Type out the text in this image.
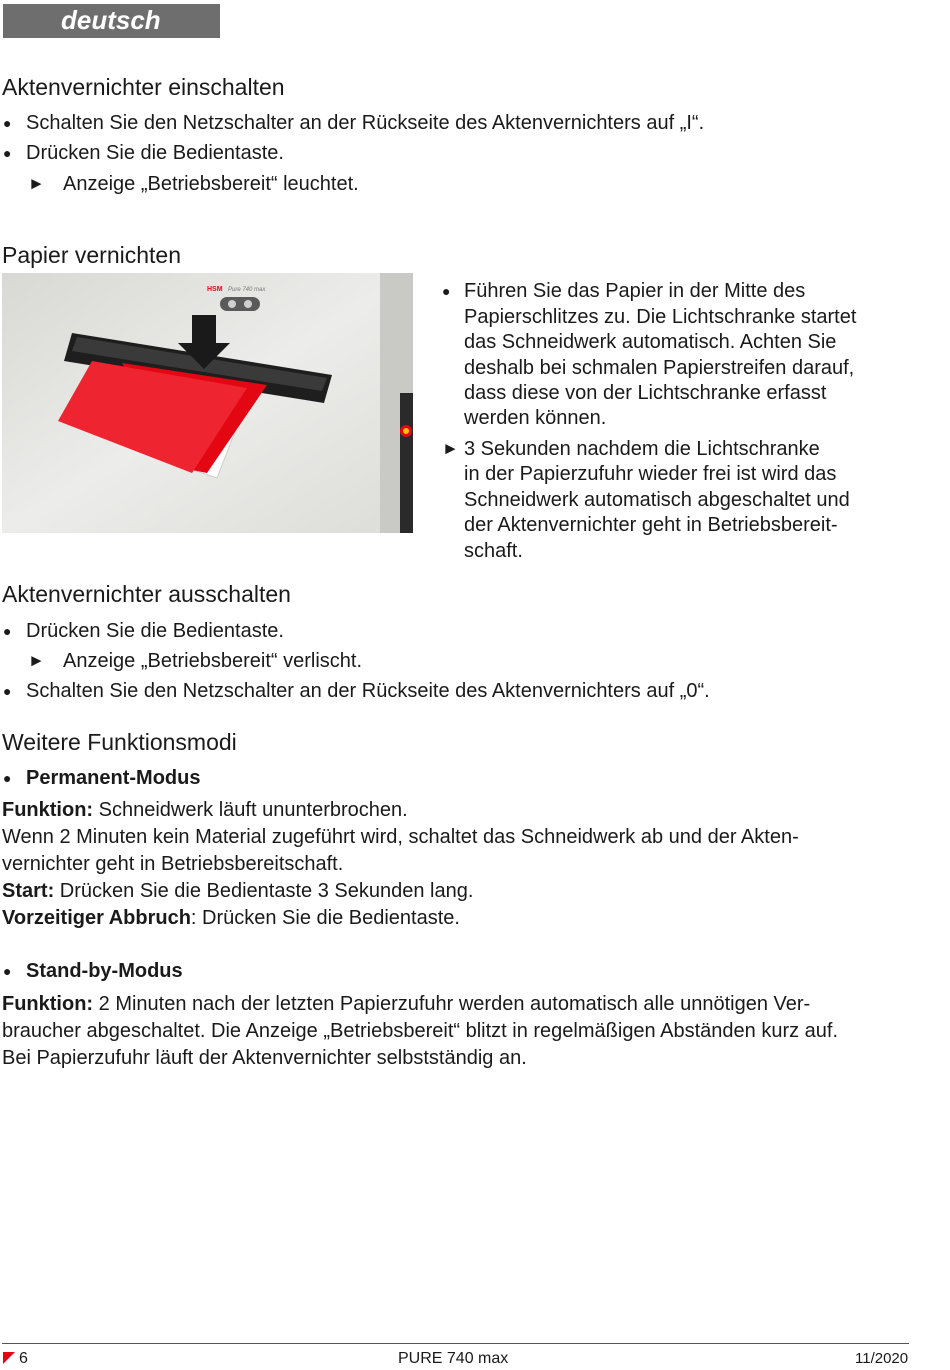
deutsch
Aktenvernichter einschalten
● Schalten Sie den Netzschalter an der Rückseite des Aktenvernichters auf „I“.
● Drücken Sie die Bedientaste.
► Anzeige „Betriebsbereit“ leuchtet.
Papier vernichten
HSM Pure 740 max	● Führen Sie das Papier in der Mitte des
Papierschlitzes zu. Die Lichtschranke startet
das Schneidwerk automatisch. Achten Sie
deshalb bei schmalen Papierstreifen darauf,
dass diese von der Lichtschranke erfasst
werden können.
► 3 Sekunden nachdem die Lichtschranke
in der Papierzufuhr wieder frei ist wird das
Schneidwerk automatisch abgeschaltet und
der Aktenvernichter geht in Betriebsbereit-
schaft.
Aktenvernichter ausschalten
● Drücken Sie die Bedientaste.
► Anzeige „Betriebsbereit“ verlischt.
● Schalten Sie den Netzschalter an der Rückseite des Aktenvernichters auf „0“.
Weitere Funktionsmodi
● Permanent-Modus
Funktion: Schneidwerk läuft ununterbrochen.
Wenn 2 Minuten kein Material zugeführt wird, schaltet das Schneidwerk ab und der Akten-
vernichter geht in Betriebsbereitschaft.
Start: Drücken Sie die Bedientaste 3 Sekunden lang.
Vorzeitiger Abbruch: Drücken Sie die Bedientaste.
● Stand-by-Modus
Funktion: 2 Minuten nach der letzten Papierzufuhr werden automatisch alle unnötigen Ver-
braucher abgeschaltet. Die Anzeige „Betriebsbereit“ blitzt in regelmäßigen Abständen kurz auf.
Bei Papierzufuhr läuft der Aktenvernichter selbstständig an.
6	PURE 740 max	11/2020
